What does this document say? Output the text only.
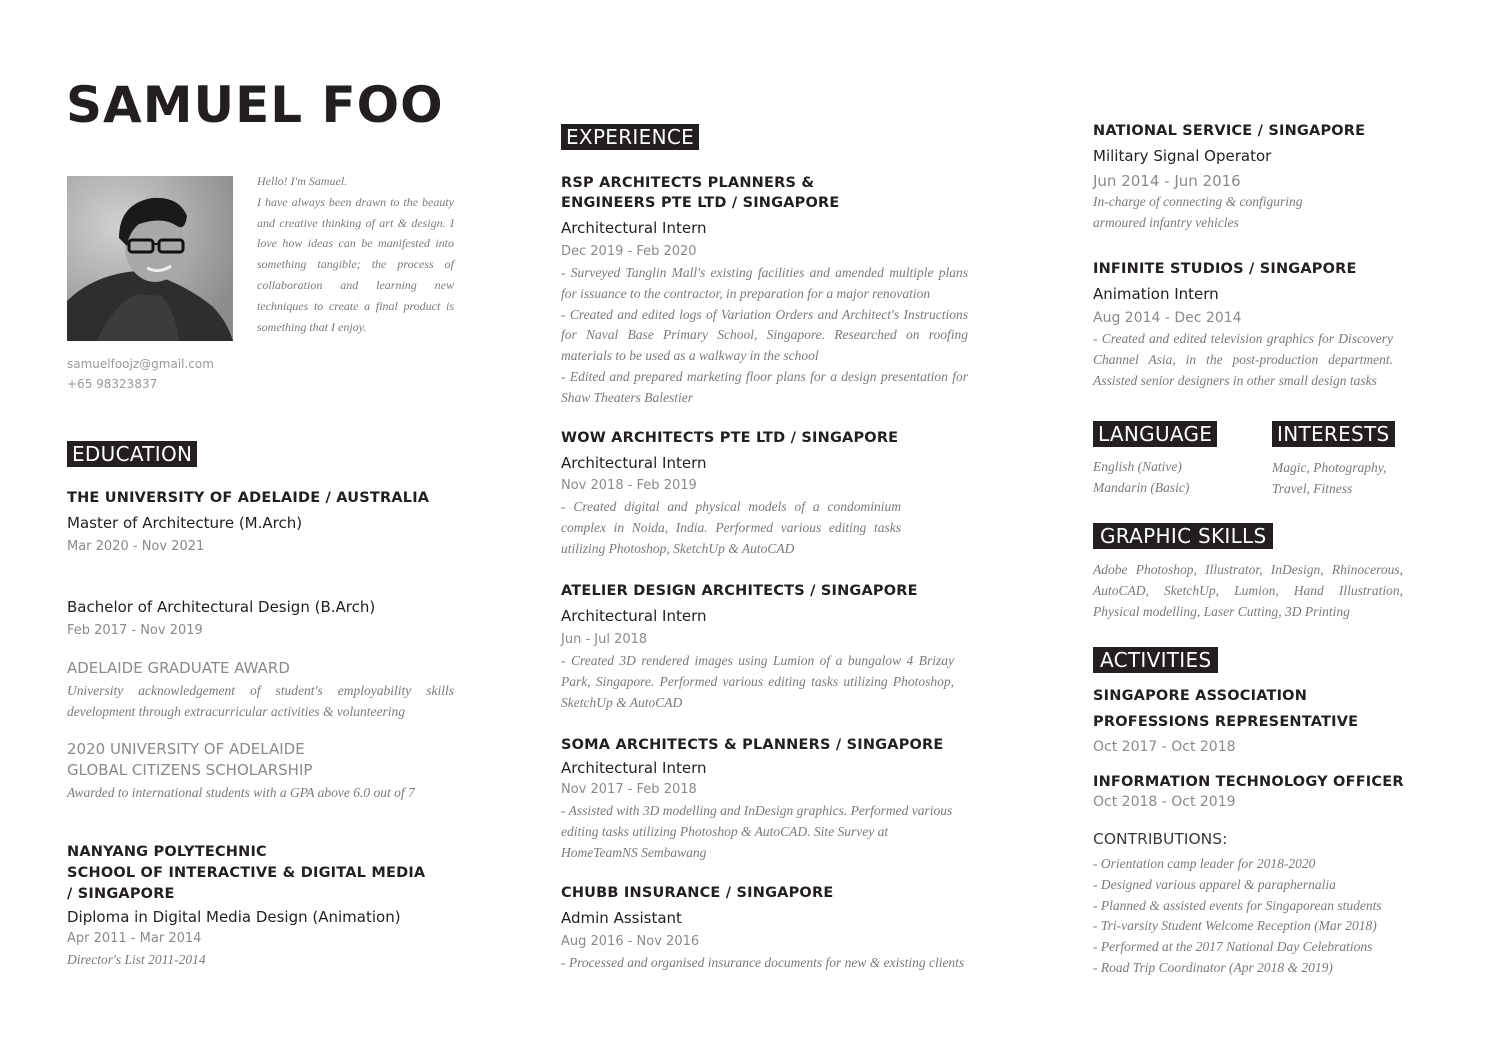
SAMUEL FOO
Hello! I'm Samuel.
I have always been drawn to the beauty and creative thinking of art & design. I love how ideas can be manifested into something tangible; the process of collaboration and learning new techniques to create a final product is something that I enjoy.
samuelfoojz@gmail.com
+65 98323837
EDUCATION
THE UNIVERSITY OF ADELAIDE / AUSTRALIA
Master of Architecture (M.Arch)
Mar 2020 - Nov 2021
Bachelor of Architectural Design (B.Arch)
Feb 2017 - Nov 2019
ADELAIDE GRADUATE AWARD
University acknowledgement of student's employability skills development through extracurricular activities & volunteering
2020 UNIVERSITY OF ADELAIDE
GLOBAL CITIZENS SCHOLARSHIP
Awarded to international students with a GPA above 6.0 out of 7
NANYANG POLYTECHNIC
SCHOOL OF INTERACTIVE & DIGITAL MEDIA
/ SINGAPORE
Diploma in Digital Media Design (Animation)
Apr 2011 - Mar 2014
Director's List 2011-2014
EXPERIENCE
RSP ARCHITECTS PLANNERS &
ENGINEERS PTE LTD / SINGAPORE
Architectural Intern
Dec 2019 - Feb 2020
- Surveyed Tanglin Mall's existing facilities and amended multiple plans for issuance to the contractor, in preparation for a major renovation
- Created and edited logs of Variation Orders and Architect's Instructions for Naval Base Primary School, Singapore. Researched on roofing materials to be used as a walkway in the school
- Edited and prepared marketing floor plans for a design presentation for Shaw Theaters Balestier
WOW ARCHITECTS PTE LTD / SINGAPORE
Architectural Intern
Nov 2018 - Feb 2019
- Created digital and physical models of a condominium complex in Noida, India. Performed various editing tasks utilizing Photoshop, SketchUp & AutoCAD
ATELIER DESIGN ARCHITECTS / SINGAPORE
Architectural Intern
Jun - Jul 2018
- Created 3D rendered images using Lumion of a bungalow 4 Brizay Park, Singapore. Performed various editing tasks utilizing Photoshop, SketchUp & AutoCAD
SOMA ARCHITECTS & PLANNERS / SINGAPORE
Architectural Intern
Nov 2017 - Feb 2018
- Assisted with 3D modelling and InDesign graphics. Performed various editing tasks utilizing Photoshop & AutoCAD. Site Survey at HomeTeamNS Sembawang
CHUBB INSURANCE / SINGAPORE
Admin Assistant
Aug 2016 - Nov 2016
- Processed and organised insurance documents for new & existing clients
NATIONAL SERVICE / SINGAPORE
Military Signal Operator
Jun 2014 - Jun 2016
In-charge of connecting & configuring
armoured infantry vehicles
INFINITE STUDIOS / SINGAPORE
Animation Intern
Aug 2014 - Dec 2014
- Created and edited television graphics for Discovery Channel Asia, in the post-production department. Assisted senior designers in other small design tasks
LANGUAGE
English (Native)
Mandarin (Basic)
INTERESTS
Magic, Photography,
Travel, Fitness
GRAPHIC SKILLS
Adobe Photoshop, Illustrator, InDesign, Rhinocerous, AutoCAD, SketchUp, Lumion, Hand Illustration, Physical modelling, Laser Cutting, 3D Printing
ACTIVITIES
SINGAPORE ASSOCIATION
PROFESSIONS REPRESENTATIVE
Oct 2017 - Oct 2018
INFORMATION TECHNOLOGY OFFICER
Oct 2018 - Oct 2019
CONTRIBUTIONS:
- Orientation camp leader for 2018-2020
- Designed various apparel & paraphernalia
- Planned & assisted events for Singaporean students
- Tri-varsity Student Welcome Reception (Mar 2018)
- Performed at the 2017 National Day Celebrations
- Road Trip Coordinator (Apr 2018 & 2019)
